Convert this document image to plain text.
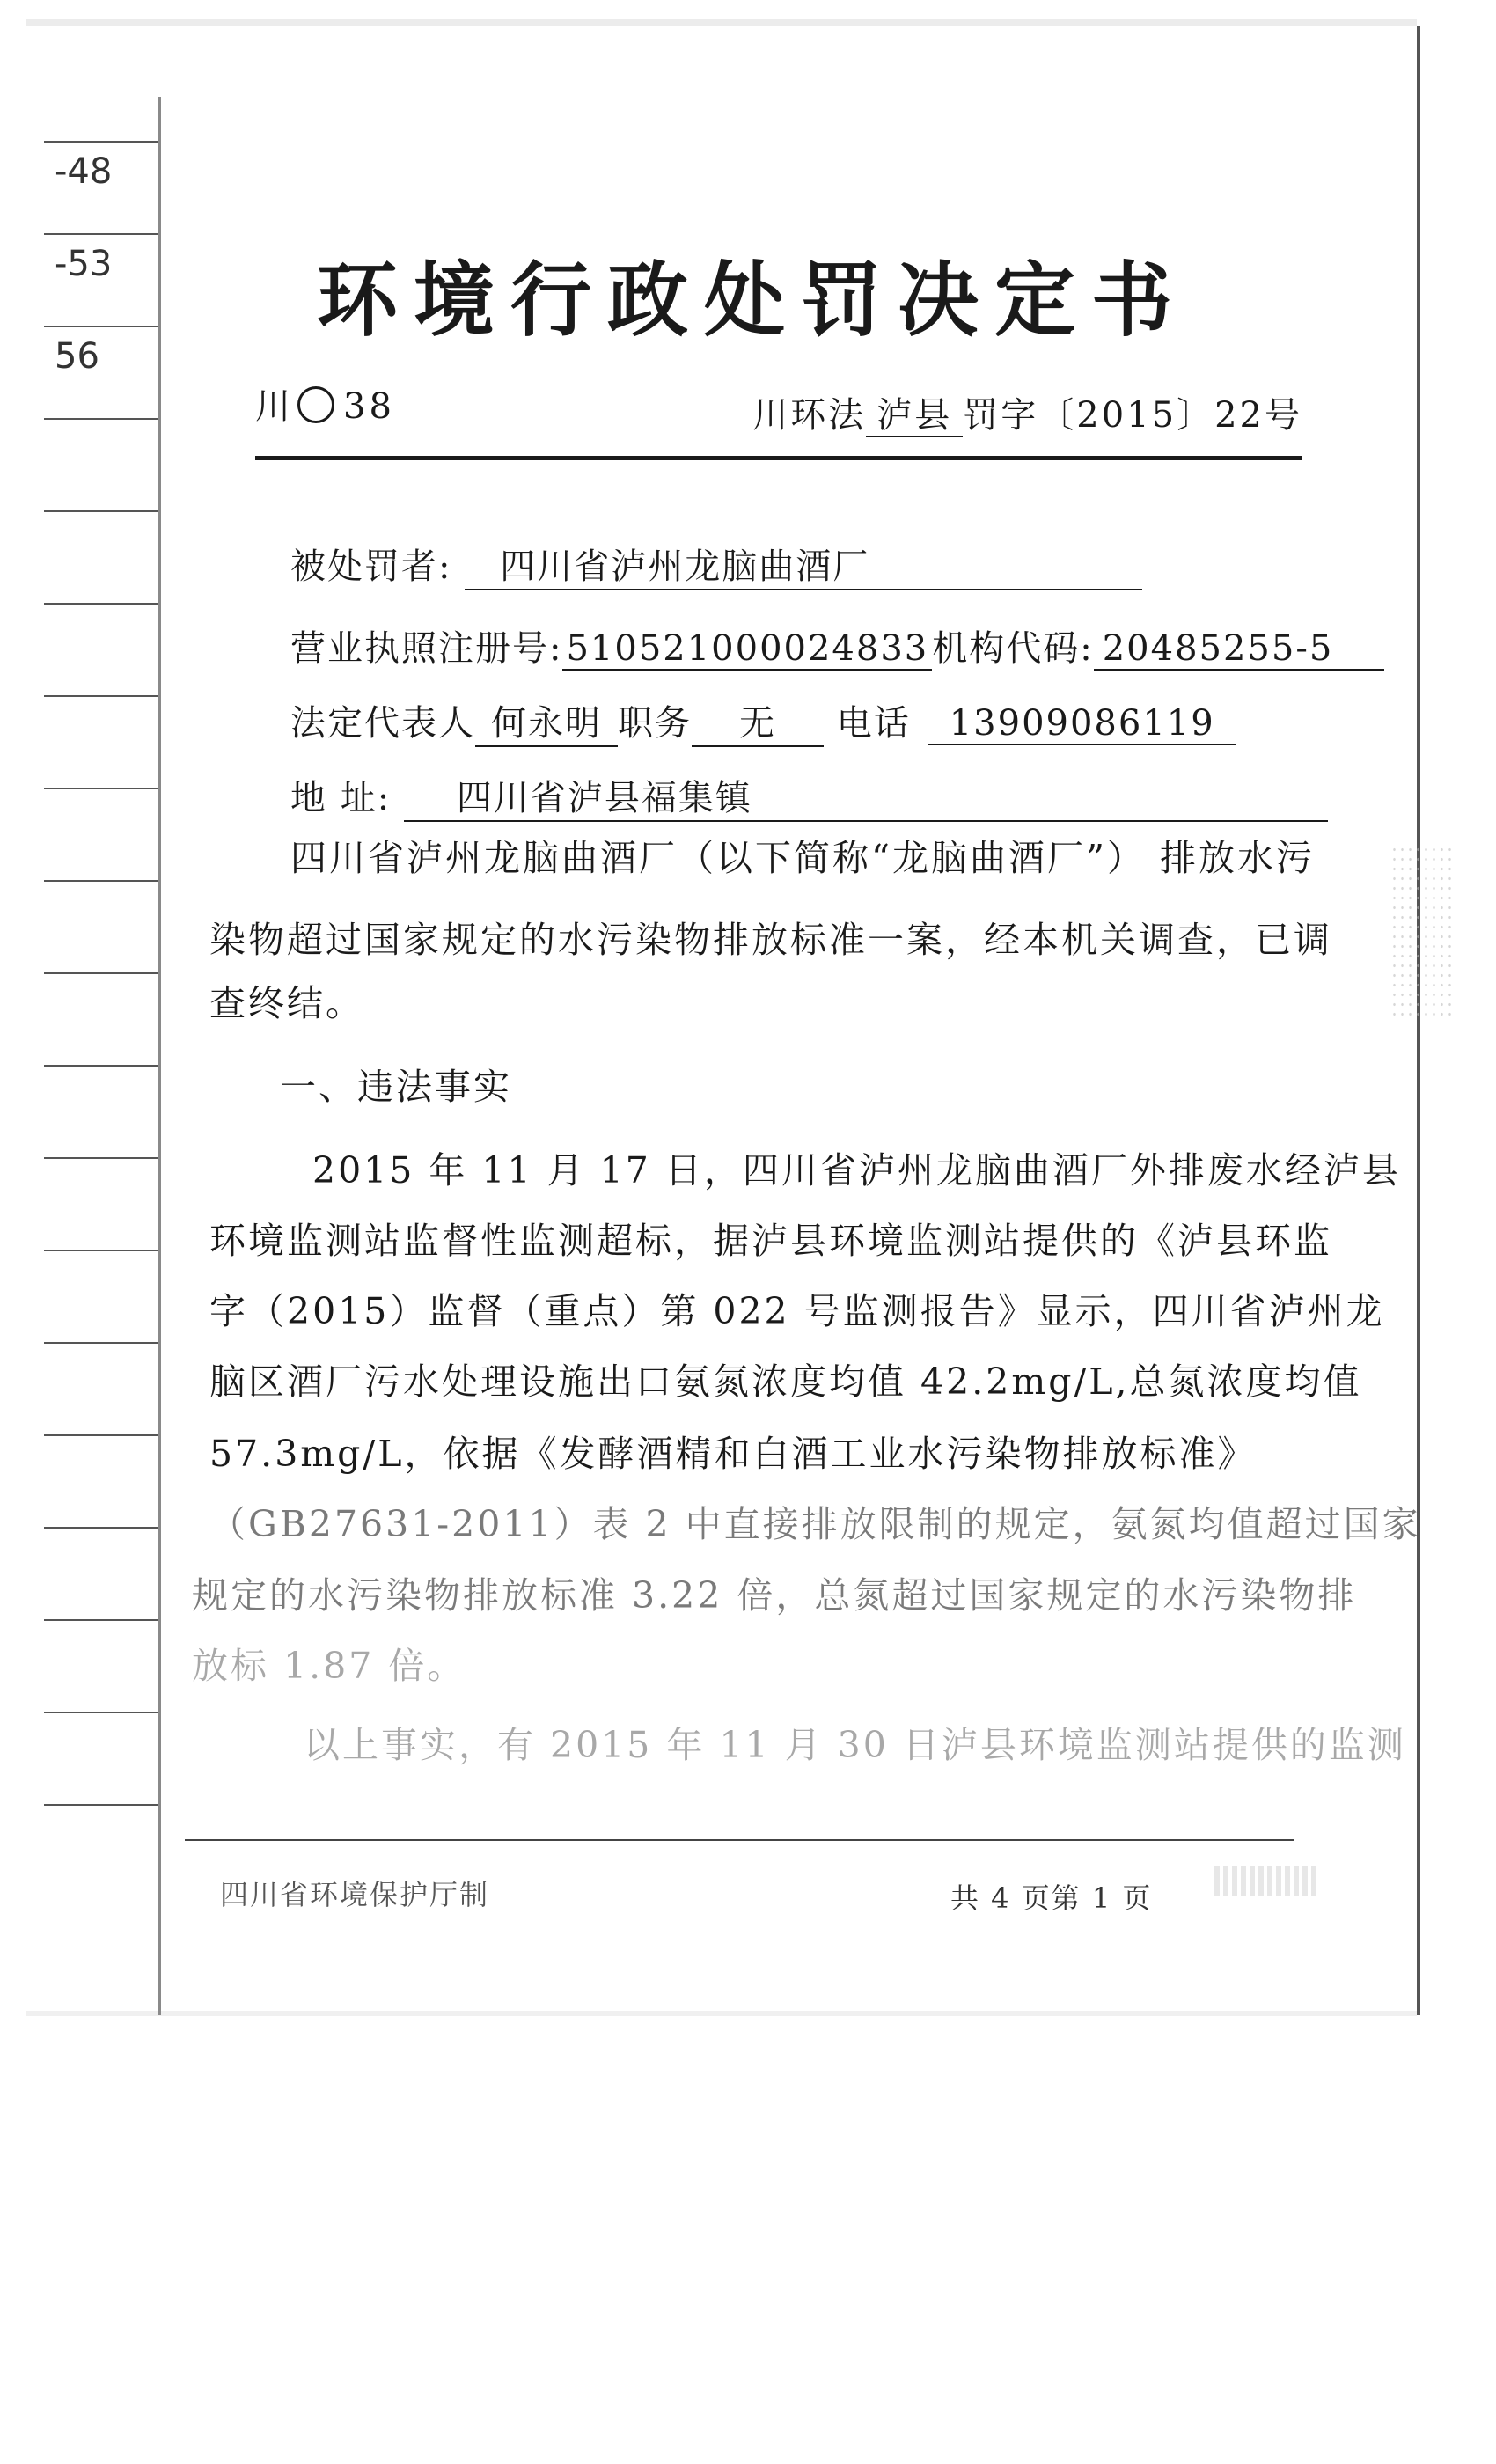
-48
-53
56
环境行政处罚决定书
川 ○ 38	川环法 泸县 罚字〔2015〕22号
被处罚者: 四川省泸州龙脑曲酒厂
营业执照注册号: 510521000024833 机构代码: 20485255-5
法定代表人 何永明 职务 无 电话 13909086119
地 址: 四川省泸县福集镇
四川省泸州龙脑曲酒厂（以下简称“龙脑曲酒厂”） 排放水污
染物超过国家规定的水污染物排放标准一案，经本机关调查，已调
查终结。
一、违法事实
2015 年 11 月 17 日，四川省泸州龙脑曲酒厂外排废水经泸县
环境监测站监督性监测超标，据泸县环境监测站提供的《泸县环监
字（2015）监督（重点）第 022 号监测报告》显示，四川省泸州龙
脑区酒厂污水处理设施出口氨氮浓度均值 42.2mg/L,总氮浓度均值
57.3mg/L，依据《发酵酒精和白酒工业水污染物排放标准》
（GB27631-2011）表 2 中直接排放限制的规定，氨氮均值超过国家
规定的水污染物排放标准 3.22 倍，总氮超过国家规定的水污染物排
放标 1.87 倍。
以上事实，有 2015 年 11 月 30 日泸县环境监测站提供的监测
四川省环境保护厅制	共 4 页第 1 页
